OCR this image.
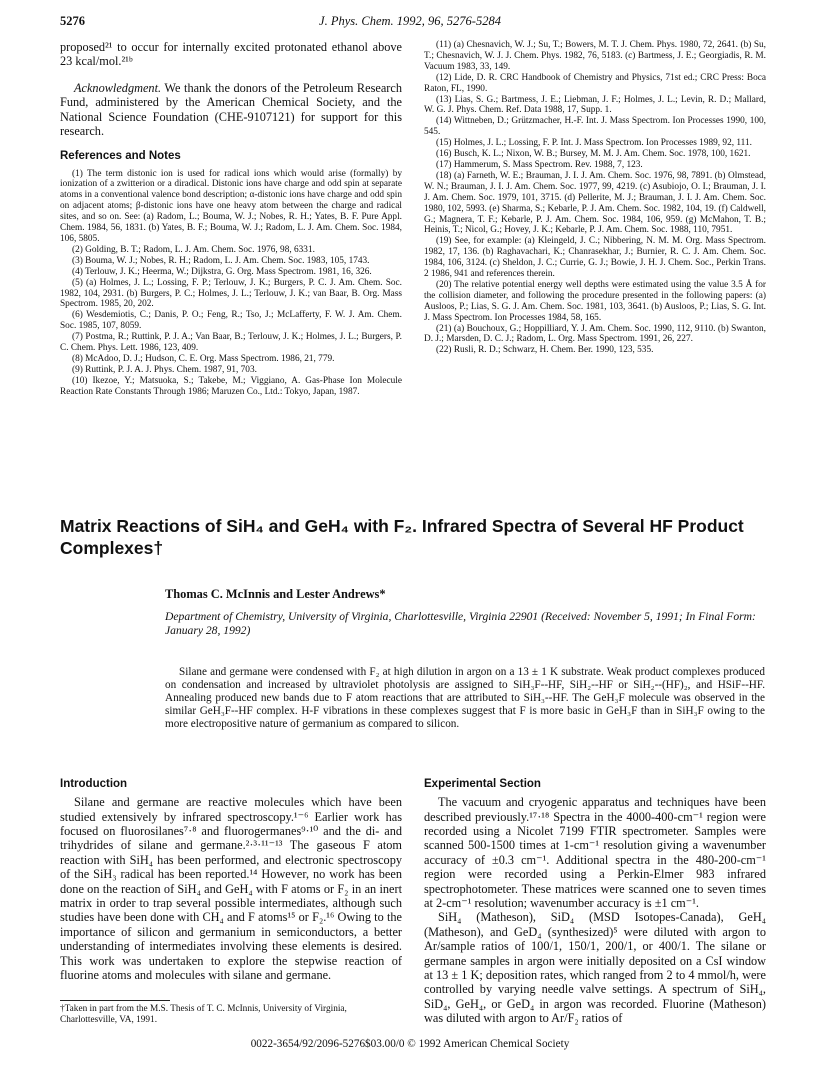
5276	J. Phys. Chem. 1992, 96, 5276-5284

proposed²¹ to occur for internally excited protonated ethanol above 23 kcal/mol.²¹ᵇ

Acknowledgment. We thank the donors of the Petroleum Research Fund, administered by the American Chemical Society, and the National Science Foundation (CHE-9107121) for support for this research.

References and Notes

(1) The term distonic ion is used for radical ions which would arise (formally) by ionization of a zwitterion or a diradical. Distonic ions have charge and odd spin at separate atoms in a conventional valence bond description; α-distonic ions have charge and odd spin on adjacent atoms; β-distonic ions have one heavy atom between the charge and radical sites, and so on. See: (a) Radom, L.; Bouma, W. J.; Nobes, R. H.; Yates, B. F. Pure Appl. Chem. 1984, 56, 1831. (b) Yates, B. F.; Bouma, W. J.; Radom, L. J. Am. Chem. Soc. 1984, 106, 5805.

(2) Golding, B. T.; Radom, L. J. Am. Chem. Soc. 1976, 98, 6331.

(3) Bouma, W. J.; Nobes, R. H.; Radom, L. J. Am. Chem. Soc. 1983, 105, 1743.

(4) Terlouw, J. K.; Heerma, W.; Dijkstra, G. Org. Mass Spectrom. 1981, 16, 326.

(5) (a) Holmes, J. L.; Lossing, F. P.; Terlouw, J. K.; Burgers, P. C. J. Am. Chem. Soc. 1982, 104, 2931. (b) Burgers, P. C.; Holmes, J. L.; Terlouw, J. K.; van Baar, B. Org. Mass Spectrom. 1985, 20, 202.

(6) Wesdemiotis, C.; Danis, P. O.; Feng, R.; Tso, J.; McLafferty, F. W. J. Am. Chem. Soc. 1985, 107, 8059.

(7) Postma, R.; Ruttink, P. J. A.; Van Baar, B.; Terlouw, J. K.; Holmes, J. L.; Burgers, P. C. Chem. Phys. Lett. 1986, 123, 409.

(8) McAdoo, D. J.; Hudson, C. E. Org. Mass Spectrom. 1986, 21, 779.

(9) Ruttink, P. J. A. J. Phys. Chem. 1987, 91, 703.

(10) Ikezoe, Y.; Matsuoka, S.; Takebe, M.; Viggiano, A. Gas-Phase Ion Molecule Reaction Rate Constants Through 1986; Maruzen Co., Ltd.: Tokyo, Japan, 1987.

(11) (a) Chesnavich, W. J.; Su, T.; Bowers, M. T. J. Chem. Phys. 1980, 72, 2641. (b) Su, T.; Chesnavich, W. J. J. Chem. Phys. 1982, 76, 5183. (c) Bartmess, J. E.; Georgiadis, R. M. Vacuum 1983, 33, 149.

(12) Lide, D. R. CRC Handbook of Chemistry and Physics, 71st ed.; CRC Press: Boca Raton, FL, 1990.

(13) Lias, S. G.; Bartmess, J. E.; Liebman, J. F.; Holmes, J. L.; Levin, R. D.; Mallard, W. G. J. Phys. Chem. Ref. Data 1988, 17, Supp. 1.

(14) Wittneben, D.; Grützmacher, H.-F. Int. J. Mass Spectrom. Ion Processes 1990, 100, 545.

(15) Holmes, J. L.; Lossing, F. P. Int. J. Mass Spectrom. Ion Processes 1989, 92, 111.

(16) Busch, K. L.; Nixon, W. B.; Bursey, M. M. J. Am. Chem. Soc. 1978, 100, 1621.

(17) Hammerum, S. Mass Spectrom. Rev. 1988, 7, 123.

(18) (a) Farneth, W. E.; Brauman, J. I. J. Am. Chem. Soc. 1976, 98, 7891. (b) Olmstead, W. N.; Brauman, J. I. J. Am. Chem. Soc. 1977, 99, 4219. (c) Asubiojo, O. I.; Brauman, J. I. J. Am. Chem. Soc. 1979, 101, 3715. (d) Pellerite, M. J.; Brauman, J. I. J. Am. Chem. Soc. 1980, 102, 5993. (e) Sharma, S.; Kebarle, P. J. Am. Chem. Soc. 1982, 104, 19. (f) Caldwell, G.; Magnera, T. F.; Kebarle, P. J. Am. Chem. Soc. 1984, 106, 959. (g) McMahon, T. B.; Heinis, T.; Nicol, G.; Hovey, J. K.; Kebarle, P. J. Am. Chem. Soc. 1988, 110, 7951.

(19) See, for example: (a) Kleingeld, J. C.; Nibbering, N. M. M. Org. Mass Spectrom. 1982, 17, 136. (b) Raghavachari, K.; Chanrasekhar, J.; Burnier, R. C. J. Am. Chem. Soc. 1984, 106, 3124. (c) Sheldon, J. C.; Currie, G. J.; Bowie, J. H. J. Chem. Soc., Perkin Trans. 2 1986, 941 and references therein.

(20) The relative potential energy well depths were estimated using the value 3.5 Å for the collision diameter, and following the procedure presented in the following papers: (a) Ausloos, P.; Lias, S. G. J. Am. Chem. Soc. 1981, 103, 3641. (b) Ausloos, P.; Lias, S. G. Int. J. Mass Spectrom. Ion Processes 1984, 58, 165.

(21) (a) Bouchoux, G.; Hoppilliard, Y. J. Am. Chem. Soc. 1990, 112, 9110. (b) Swanton, D. J.; Marsden, D. C. J.; Radom, L. Org. Mass Spectrom. 1991, 26, 227.

(22) Rusli, R. D.; Schwarz, H. Chem. Ber. 1990, 123, 535.

Matrix Reactions of SiH₄ and GeH₄ with F₂. Infrared Spectra of Several HF Product Complexes†
Thomas C. McInnis and Lester Andrews*
Department of Chemistry, University of Virginia, Charlottesville, Virginia 22901 (Received: November 5, 1991; In Final Form: January 28, 1992)

Silane and germane were condensed with F₂ at high dilution in argon on a 13 ± 1 K substrate. Weak product complexes produced on condensation and increased by ultraviolet photolysis are assigned to SiH₃F--HF, SiH₂--HF or SiH₂--(HF)₂, and HSiF--HF. Annealing produced new bands due to F atom reactions that are attributed to SiH₃--HF. The GeH₃F molecule was observed in the similar GeH₃F--HF complex. H-F vibrations in these complexes suggest that F is more basic in GeH₃F than in SiH₃F owing to the more electropositive nature of germanium as compared to silicon.

Introduction

Silane and germane are reactive molecules which have been studied extensively by infrared spectroscopy.¹⁻⁶ Earlier work has focused on fluorosilanes⁷·⁸ and fluorogermanes⁹·¹⁰ and the di- and trihydrides of silane and germane.²·³·¹¹⁻¹³ The gaseous F atom reaction with SiH₄ has been performed, and electronic spectroscopy of the SiH₃ radical has been reported.¹⁴ However, no work has been done on the reaction of SiH₄ and GeH₄ with F atoms or F₂ in an inert matrix in order to trap several possible intermediates, although such studies have been done with CH₄ and F atoms¹⁵ or F₂.¹⁶ Owing to the importance of silicon and germanium in semiconductors, a better understanding of intermediates involving these elements is desired. This work was undertaken to explore the stepwise reaction of fluorine atoms and molecules with silane and germane.

Experimental Section

The vacuum and cryogenic apparatus and techniques have been described previously.¹⁷·¹⁸ Spectra in the 4000-400-cm⁻¹ region were recorded using a Nicolet 7199 FTIR spectrometer. Samples were scanned 500-1500 times at 1-cm⁻¹ resolution giving a wavenumber accuracy of ±0.3 cm⁻¹. Additional spectra in the 480-200-cm⁻¹ region were recorded using a Perkin-Elmer 983 infrared spectrophotometer. These matrices were scanned one to seven times at 2-cm⁻¹ resolution; wavenumber accuracy is ±1 cm⁻¹.

SiH₄ (Matheson), SiD₄ (MSD Isotopes-Canada), GeH₄ (Matheson), and GeD₄ (synthesized)⁵ were diluted with argon to Ar/sample ratios of 100/1, 150/1, 200/1, or 400/1. The silane or germane samples in argon were initially deposited on a CsI window at 13 ± 1 K; deposition rates, which ranged from 2 to 4 mmol/h, were controlled by varying needle valve settings. A spectrum of SiH₄, SiD₄, GeH₄, or GeD₄ in argon was recorded. Fluorine (Matheson) was diluted with argon to Ar/F₂ ratios of

†Taken in part from the M.S. Thesis of T. C. McInnis, University of Virginia, Charlottesville, VA, 1991.
0022-3654/92/2096-5276$03.00/0 © 1992 American Chemical Society
